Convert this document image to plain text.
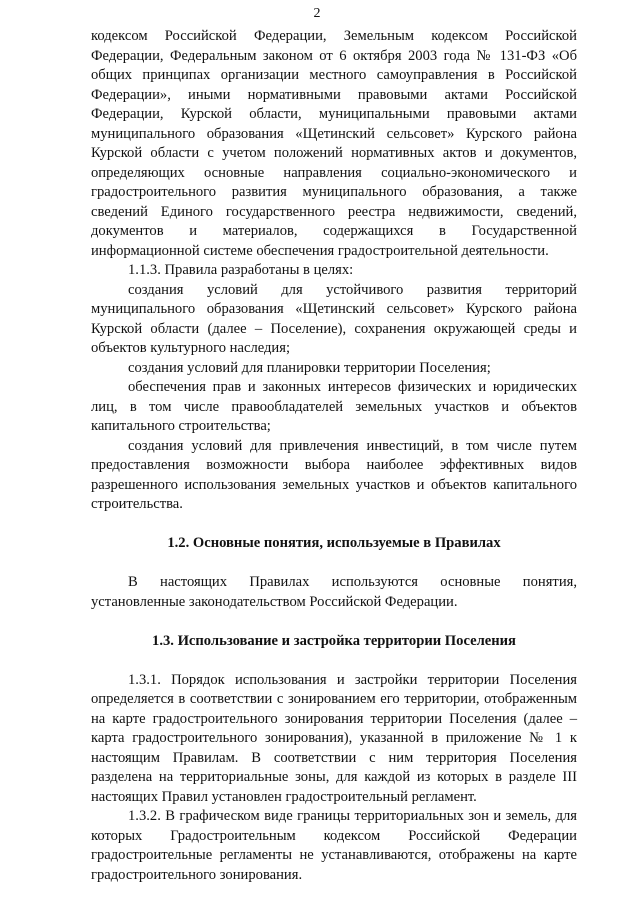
2

кодексом Российской Федерации, Земельным кодексом Российской Федерации, Федеральным законом от 6 октября 2003 года № 131-ФЗ «Об общих принципах организации местного самоуправления в Российской Федерации», иными нормативными правовыми актами Российской Федерации, Курской области, муниципальными правовыми актами муниципального образования «Щетинский сельсовет» Курского района Курской области с учетом положений нормативных актов и документов, определяющих основные направления социально-экономического и градостроительного развития муниципального образования, а также сведений Единого государственного реестра недвижимости, сведений, документов и материалов, содержащихся в Государственной информационной системе обеспечения градостроительной деятельности.

1.1.3. Правила разработаны в целях:

создания условий для устойчивого развития территорий муниципального образования «Щетинский сельсовет» Курского района Курской области (далее – Поселение), сохранения окружающей среды и объектов культурного наследия;

создания условий для планировки территории Поселения;

обеспечения прав и законных интересов физических и юридических лиц, в том числе правообладателей земельных участков и объектов капитального строительства;

создания условий для привлечения инвестиций, в том числе путем предоставления возможности выбора наиболее эффективных видов разрешенного использования земельных участков и объектов капитального строительства.

1.2. Основные понятия, используемые в Правилах

В настоящих Правилах используются основные понятия, установленные законодательством Российской Федерации.

1.3. Использование и застройка территории Поселения

1.3.1. Порядок использования и застройки территории Поселения определяется в соответствии с зонированием его территории, отображенным на карте градостроительного зонирования территории Поселения (далее – карта градостроительного зонирования), указанной в приложение № 1 к настоящим Правилам. В соответствии с ним территория Поселения разделена на территориальные зоны, для каждой из которых в разделе III настоящих Правил установлен градостроительный регламент.

1.3.2. В графическом виде границы территориальных зон и земель, для которых Градостроительным кодексом Российской Федерации градостроительные регламенты не устанавливаются, отображены на карте градостроительного зонирования.
